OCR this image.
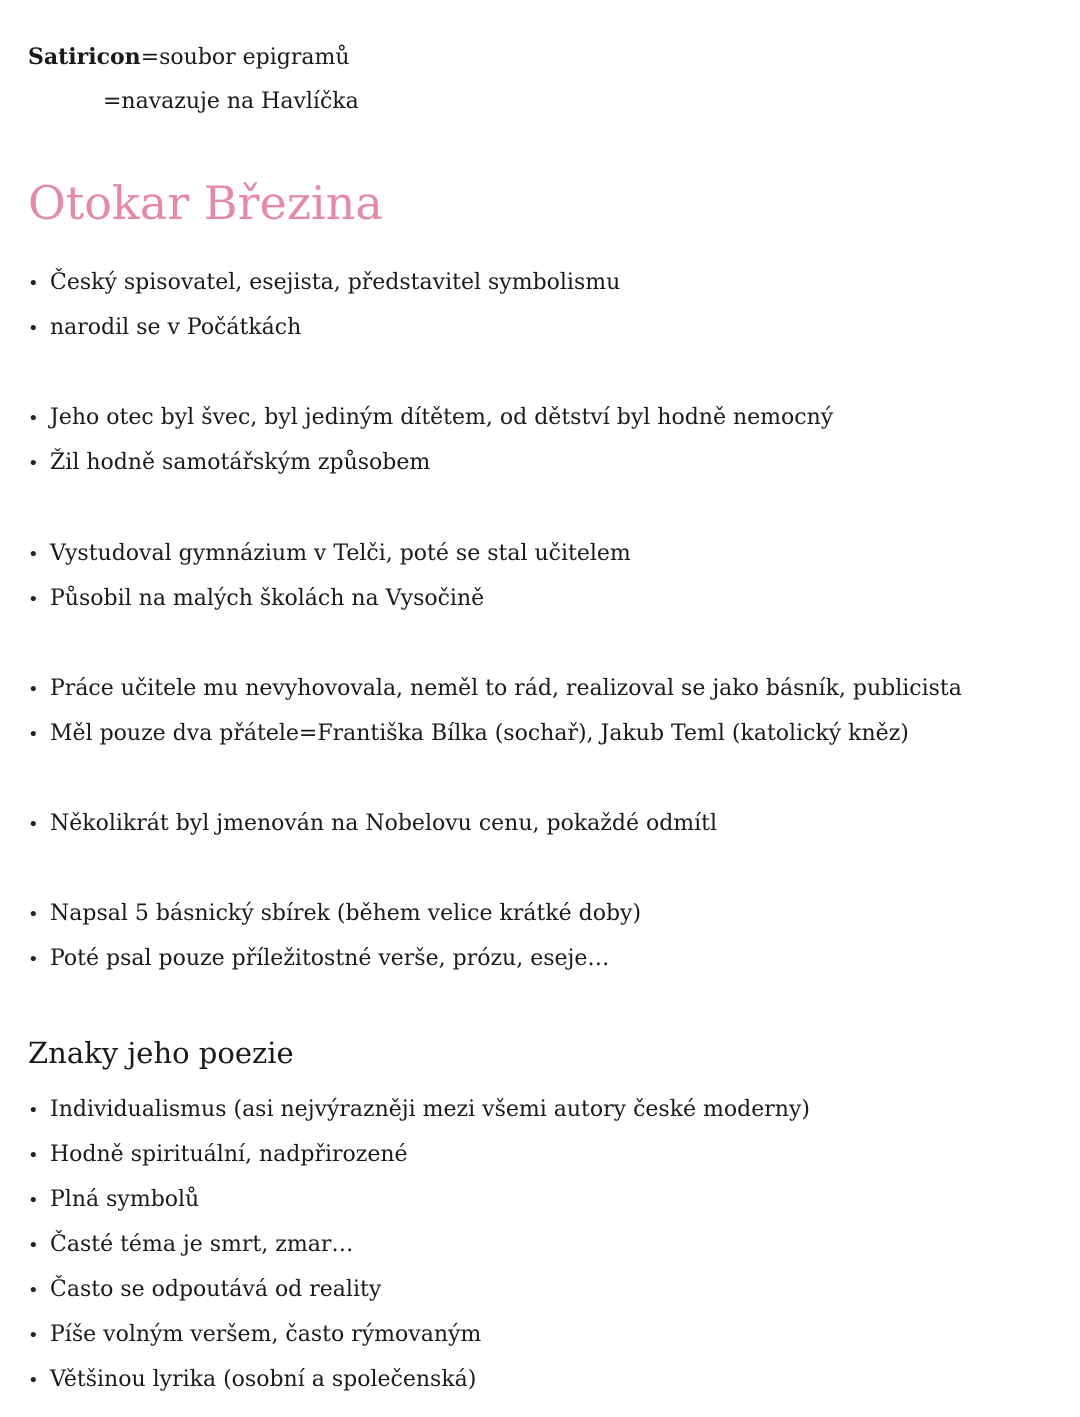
Satiricon=soubor epigramů
=navazuje na Havlíčka
Otokar Březina
• Český spisovatel, esejista, představitel symbolismu
• narodil se v Počátkách
• Jeho otec byl švec, byl jediným dítětem, od dětství byl hodně nemocný
• Žil hodně samotářským způsobem
• Vystudoval gymnázium v Telči, poté se stal učitelem
• Působil na malých školách na Vysočině
• Práce učitele mu nevyhovovala, neměl to rád, realizoval se jako básník, publicista
• Měl pouze dva přátele=Františka Bílka (sochař), Jakub Teml (katolický kněz)
• Několikrát byl jmenován na Nobelovu cenu, pokaždé odmítl
• Napsal 5 básnický sbírek (během velice krátké doby)
• Poté psal pouze příležitostné verše, prózu, eseje…
Znaky jeho poezie
• Individualismus (asi nejvýrazněji mezi všemi autory české moderny)
• Hodně spirituální, nadpřirozené
• Plná symbolů
• Časté téma je smrt, zmar…
• Často se odpoutává od reality
• Píše volným veršem, často rýmovaným
• Většinou lyrika (osobní a společenská)
